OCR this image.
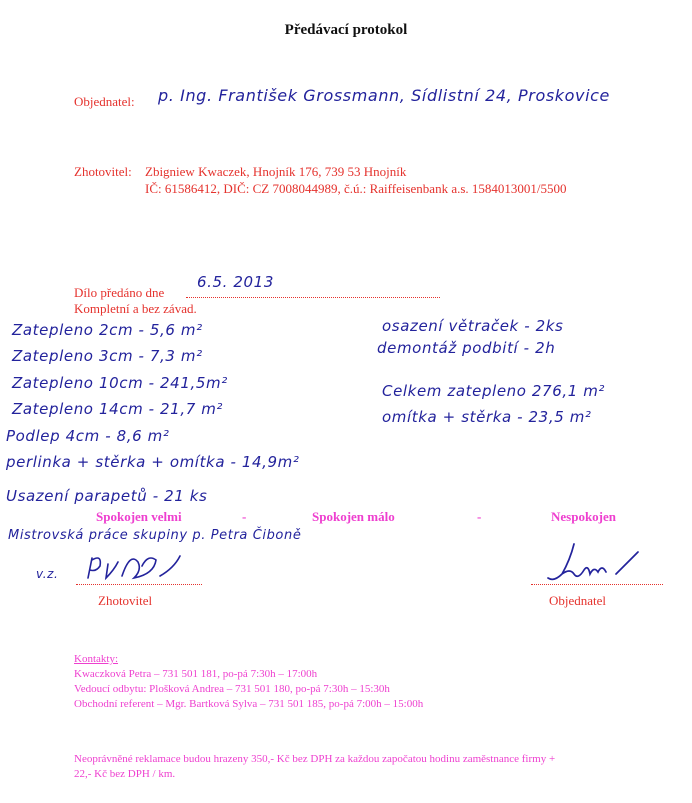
Předávací protokol
Objednatel: p. Ing. František Grossmann, Sídlistní 24, Proskovice
Zhotovitel: Zbigniew Kwaczek, Hnojník 176, 739 53 Hnojník
IČ: 61586412, DIČ: CZ 7008044989, č.ú.: Raiffeisenbank a.s. 1584013001/5500
Dílo předáno dne
6.5. 2013
Kompletní a bez závad.
Zatepleno 2cm - 5,6 m²
Zatepleno 3cm - 7,3 m²
Zatepleno 10cm - 241,5m²
Zatepleno 14cm - 21,7 m²
Podlep 4cm - 8,6 m²
perlinka + stěrka + omítka - 14,9m²
Usazení parapetů - 21 ks
osazení větraček - 2ks
demontáž podbití - 2h
Celkem zatepleno 276,1 m²
omítka + stěrka - 23,5 m²
Spokojen velmi	-	Spokojen málo	-	Nespokojen
Mistrovská práce skupiny p. Petra Čiboně
v.z.
Zhotovitel	Objednatel
Kontakty:
Kwaczková Petra – 731 501 181, po-pá 7:30h – 17:00h
Vedoucí odbytu: Plošková Andrea – 731 501 180, po-pá 7:30h – 15:30h
Obchodní referent – Mgr. Bartková Sylva – 731 501 185, po-pá 7:00h – 15:00h
Neoprávněné reklamace budou hrazeny 350,- Kč bez DPH za každou započatou hodinu zaměstnance firmy +
22,- Kč bez DPH / km.
